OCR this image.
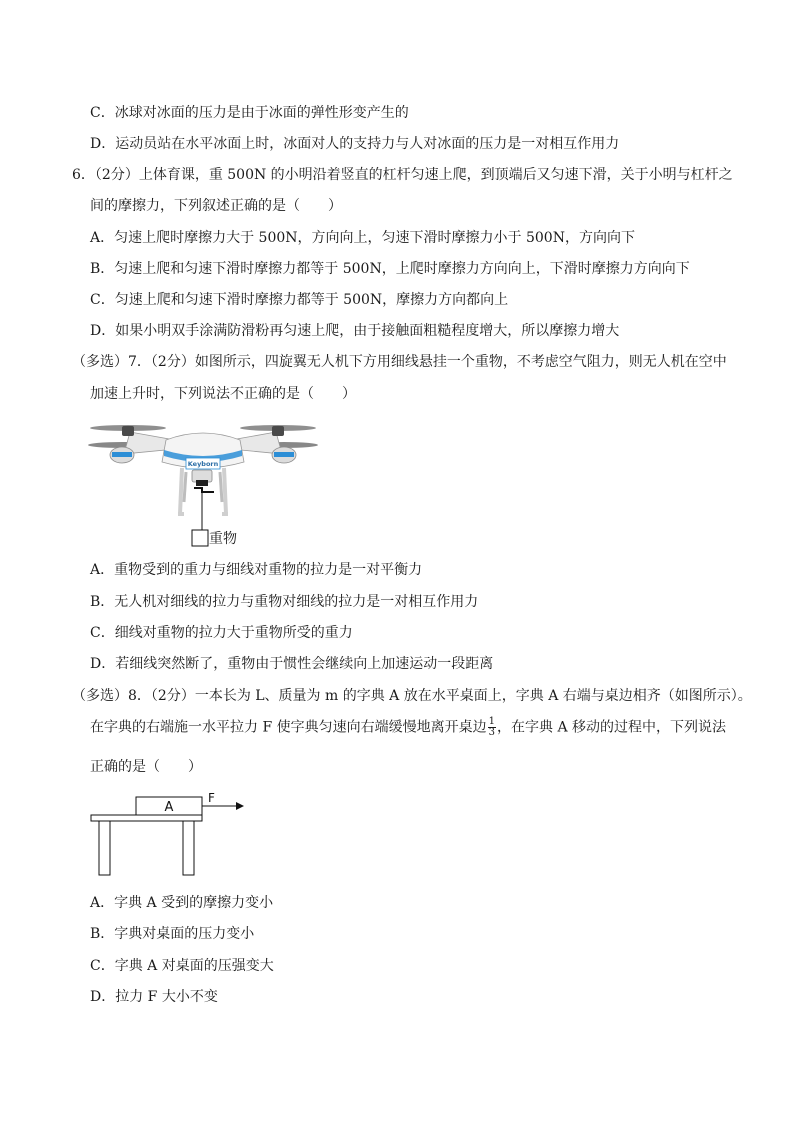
C．冰球对冰面的压力是由于冰面的弹性形变产生的
D．运动员站在水平冰面上时，冰面对人的支持力与人对冰面的压力是一对相互作用力
6．（2分）上体育课，重 500N 的小明沿着竖直的杠杆匀速上爬，到顶端后又匀速下滑，关于小明与杠杆之
间的摩擦力，下列叙述正确的是（　　）
A．匀速上爬时摩擦力大于 500N，方向向上，匀速下滑时摩擦力小于 500N，方向向下
B．匀速上爬和匀速下滑时摩擦力都等于 500N，上爬时摩擦力方向向上，下滑时摩擦力方向向下
C．匀速上爬和匀速下滑时摩擦力都等于 500N，摩擦力方向都向上
D．如果小明双手涂满防滑粉再匀速上爬，由于接触面粗糙程度增大，所以摩擦力增大
（多选）7．（2分）如图所示，四旋翼无人机下方用细线悬挂一个重物，不考虑空气阻力，则无人机在空中
加速上升时，下列说法不正确的是（　　）
Keyborn
重物
A．重物受到的重力与细线对重物的拉力是一对平衡力
B．无人机对细线的拉力与重物对细线的拉力是一对相互作用力
C．细线对重物的拉力大于重物所受的重力
D．若细线突然断了，重物由于惯性会继续向上加速运动一段距离
（多选）8．（2分）一本长为 L、质量为 m 的字典 A 放在水平桌面上，字典 A 右端与桌边相齐（如图所示）。
在字典的右端施一水平拉力 F 使字典匀速向右端缓慢地离开桌边 $\frac{1}{3}$ ，在字典 A 移动的过程中，下列说法
正确的是（　　）
A
F
A．字典 A 受到的摩擦力变小
B．字典对桌面的压力变小
C．字典 A 对桌面的压强变大
D．拉力 F 大小不变
